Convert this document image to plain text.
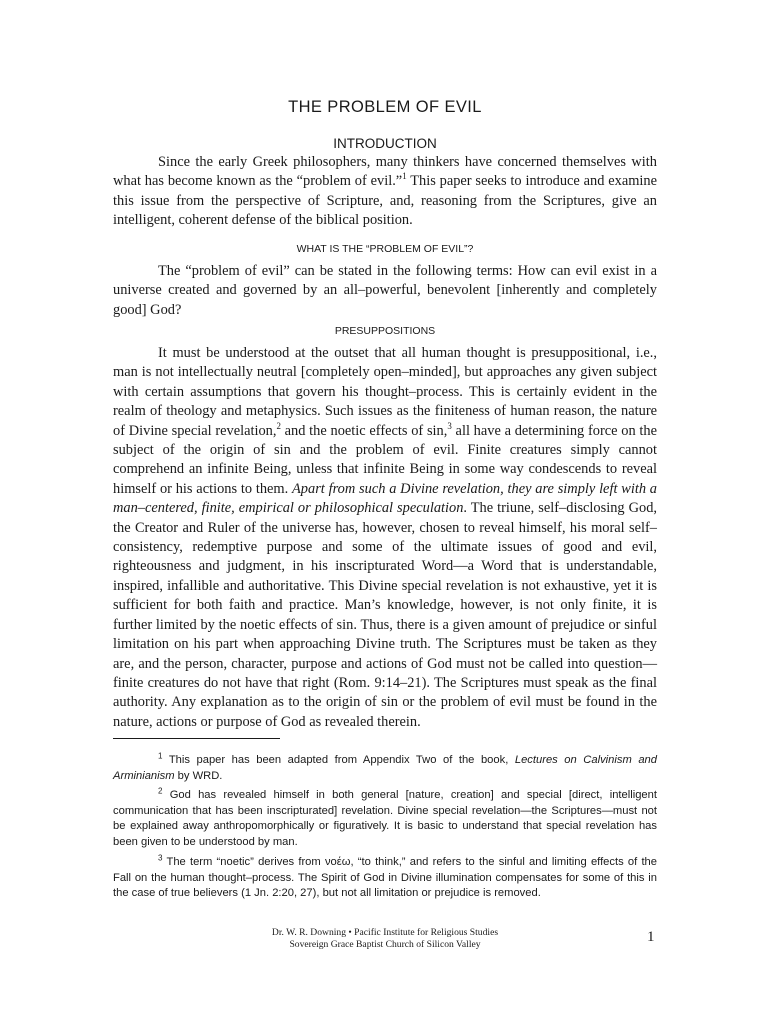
THE PROBLEM OF EVIL
INTRODUCTION

Since the early Greek philosophers, many thinkers have concerned themselves with what has become known as the “problem of evil.”$^1$ This paper seeks to introduce and examine this issue from the perspective of Scripture, and, reasoning from the Scriptures, give an intelligent, coherent defense of the biblical position.

WHAT IS THE “PROBLEM OF EVIL”?

The “problem of evil” can be stated in the following terms: How can evil exist in a universe created and governed by an all–powerful, benevolent [inherently and completely good] God?

PRESUPPOSITIONS

It must be understood at the outset that all human thought is presuppositional, i.e., man is not intellectually neutral [completely open–minded], but approaches any given subject with certain assumptions that govern his thought–process. This is certainly evident in the realm of theology and metaphysics. Such issues as the finiteness of human reason, the nature of Divine special revelation,$^2$ and the noetic effects of sin,$^3$ all have a determining force on the subject of the origin of sin and the problem of evil. Finite creatures simply cannot comprehend an infinite Being, unless that infinite Being in some way condescends to reveal himself or his actions to them. Apart from such a Divine revelation, they are simply left with a man–centered, finite, empirical or philosophical speculation. The triune, self–disclosing God, the Creator and Ruler of the universe has, however, chosen to reveal himself, his moral self–consistency, redemptive purpose and some of the ultimate issues of good and evil, righteousness and judgment, in his inscripturated Word—a Word that is understandable, inspired, infallible and authoritative. This Divine special revelation is not exhaustive, yet it is sufficient for both faith and practice. Man’s knowledge, however, is not only finite, it is further limited by the noetic effects of sin. Thus, there is a given amount of prejudice or sinful limitation on his part when approaching Divine truth. The Scriptures must be taken as they are, and the person, character, purpose and actions of God must not be called into question—finite creatures do not have that right (Rom. 9:14–21). The Scriptures must speak as the final authority. Any explanation as to the origin of sin or the problem of evil must be found in the nature, actions or purpose of God as revealed therein.

$^1$ This paper has been adapted from Appendix Two of the book, Lectures on Calvinism and Arminianism by WRD.

$^2$ God has revealed himself in both general [nature, creation] and special [direct, intelligent communication that has been inscripturated] revelation. Divine special revelation—the Scriptures—must not be explained away anthropomorphically or figuratively. It is basic to understand that special revelation has been given to be understood by man.

$^3$ The term “noetic” derives from νοέω, “to think,” and refers to the sinful and limiting effects of the Fall on the human thought–process. The Spirit of God in Divine illumination compensates for some of this in the case of true believers (1 Jn. 2:20, 27), but not all limitation or prejudice is removed.

Dr. W. R. Downing • Pacific Institute for Religious Studies
Sovereign Grace Baptist Church of Silicon Valley	1
